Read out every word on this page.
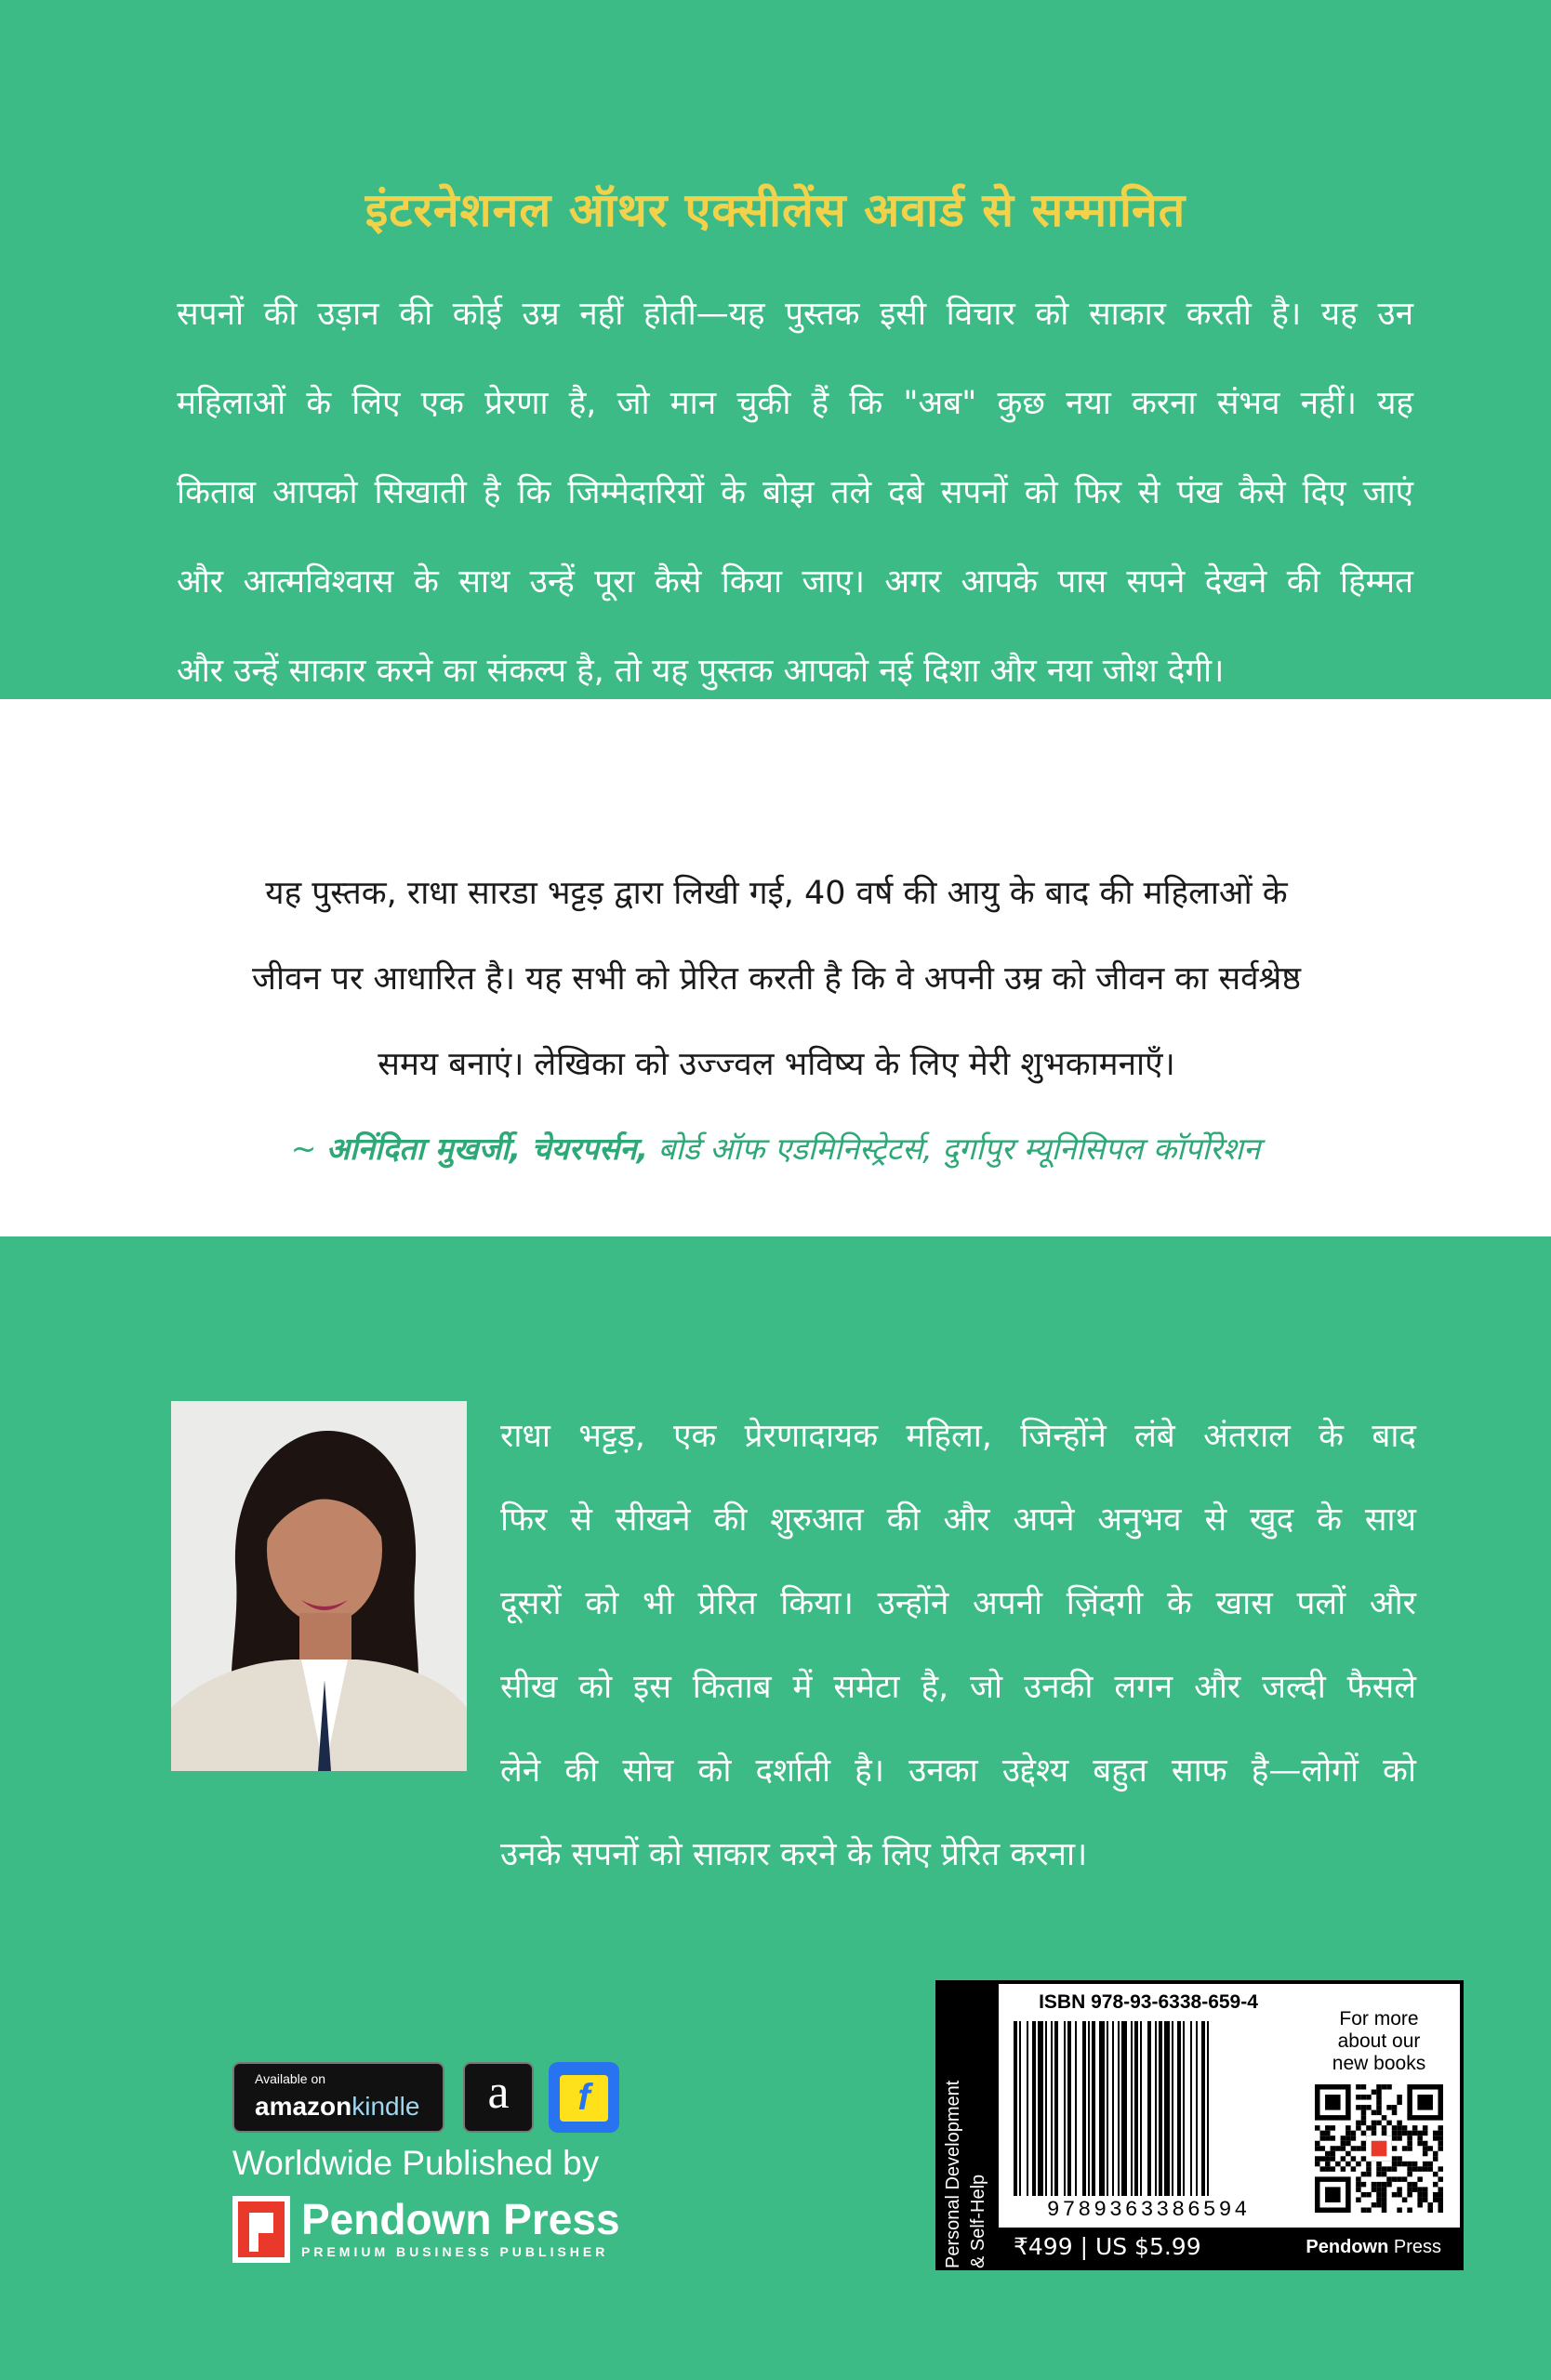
इंटरनेशनल ऑथर एक्सीलेंस अवार्ड से सम्मानित
सपनों की उड़ान की कोई उम्र नहीं होती—यह पुस्तक इसी विचार को साकार करती है। यह उन
महिलाओं के लिए एक प्रेरणा है, जो मान चुकी हैं कि "अब" कुछ नया करना संभव नहीं। यह
किताब आपको सिखाती है कि जिम्मेदारियों के बोझ तले दबे सपनों को फिर से पंख कैसे दिए जाएं
और आत्मविश्वास के साथ उन्हें पूरा कैसे किया जाए। अगर आपके पास सपने देखने की हिम्मत
और उन्हें साकार करने का संकल्प है, तो यह पुस्तक आपको नई दिशा और नया जोश देगी।
यह पुस्तक, राधा सारडा भट्टड़ द्वारा लिखी गई, 40 वर्ष की आयु के बाद की महिलाओं के
जीवन पर आधारित है। यह सभी को प्रेरित करती है कि वे अपनी उम्र को जीवन का सर्वश्रेष्ठ
समय बनाएं। लेखिका को उज्ज्वल भविष्य के लिए मेरी शुभकामनाएँ।
~ अनिंदिता मुखर्जी, चेयरपर्सन, बोर्ड ऑफ एडमिनिस्ट्रेटर्स, दुर्गापुर म्यूनिसिपल कॉर्पोरेशन
राधा भट्टड़, एक प्रेरणादायक महिला, जिन्होंने लंबे अंतराल के बाद
फिर से सीखने की शुरुआत की और अपने अनुभव से खुद के साथ
दूसरों को भी प्रेरित किया। उन्होंने अपनी ज़िंदगी के खास पलों और
सीख को इस किताब में समेटा है, जो उनकी लगन और जल्दी फैसले
लेने की सोच को दर्शाती है। उनका उद्देश्य बहुत साफ है—लोगों को
उनके सपनों को साकार करने के लिए प्रेरित करना।
Available on
amazonkindle	a	f
Worldwide Published by
Pendown Press
PREMIUM BUSINESS PUBLISHER	Personal Development & Self-Help
ISBN 978-93-6338-659-4
9789363386594
For more
about our
new books
₹499 | US $5.99	Pendown Press
